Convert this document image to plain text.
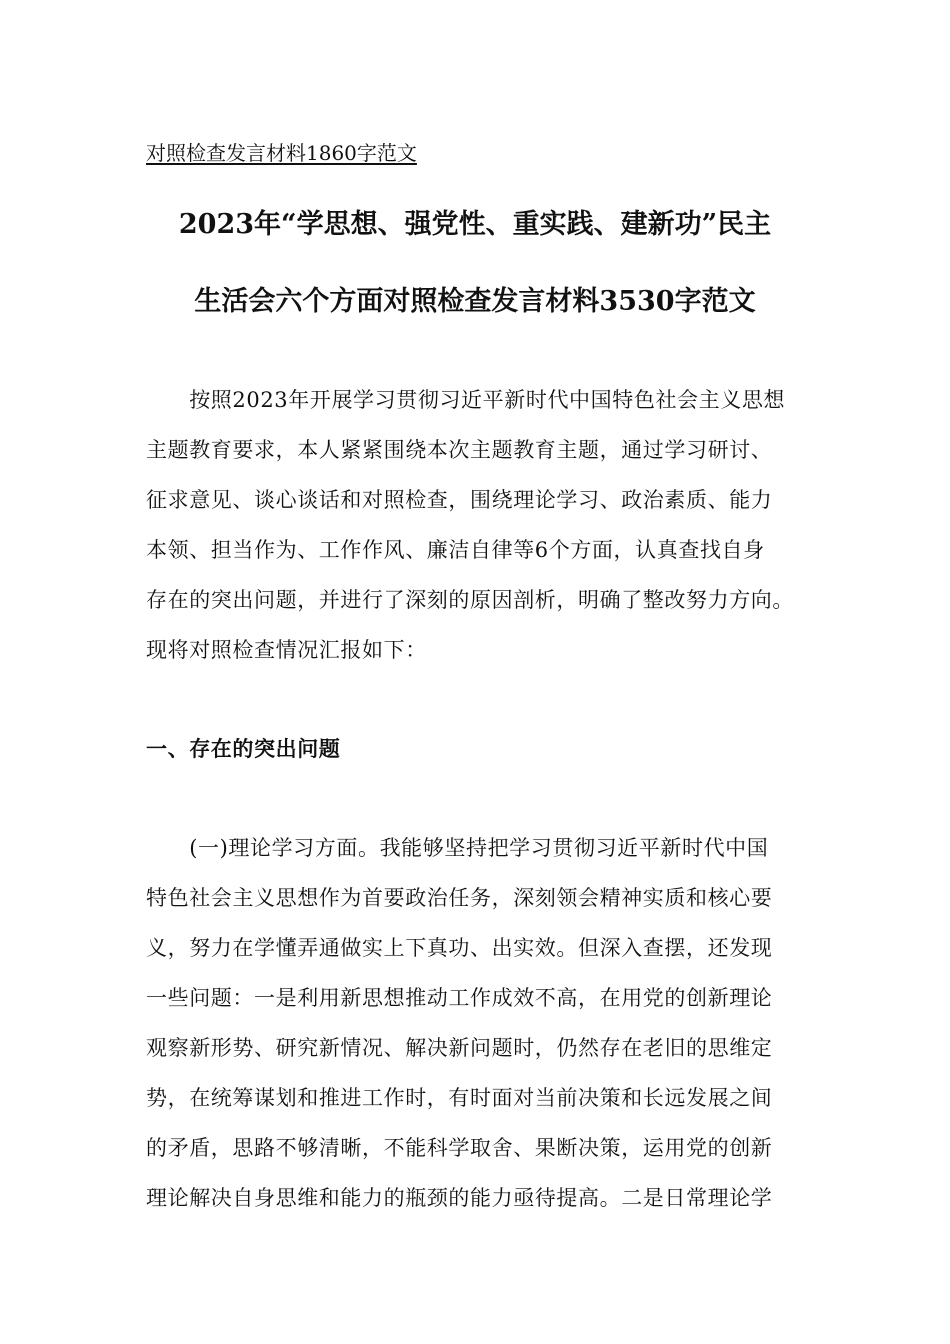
对照检查发言材料1860字范文
2023年“学思想、强党性、重实践、建新功”民主
生活会六个方面对照检查发言材料3530字范文
　　按照2023年开展学习贯彻习近平新时代中国特色社会主义思想
主题教育要求，本人紧紧围绕本次主题教育主题，通过学习研讨、
征求意见、谈心谈话和对照检查，围绕理论学习、政治素质、能力
本领、担当作为、工作作风、廉洁自律等6个方面，认真查找自身
存在的突出问题，并进行了深刻的原因剖析，明确了整改努力方向。
现将对照检查情况汇报如下：
一、存在的突出问题
　　(一)理论学习方面。我能够坚持把学习贯彻习近平新时代中国
特色社会主义思想作为首要政治任务，深刻领会精神实质和核心要
义，努力在学懂弄通做实上下真功、出实效。但深入查摆，还发现
一些问题：一是利用新思想推动工作成效不高，在用党的创新理论
观察新形势、研究新情况、解决新问题时，仍然存在老旧的思维定
势，在统筹谋划和推进工作时，有时面对当前决策和长远发展之间
的矛盾，思路不够清晰，不能科学取舍、果断决策，运用党的创新
理论解决自身思维和能力的瓶颈的能力亟待提高。二是日常理论学
